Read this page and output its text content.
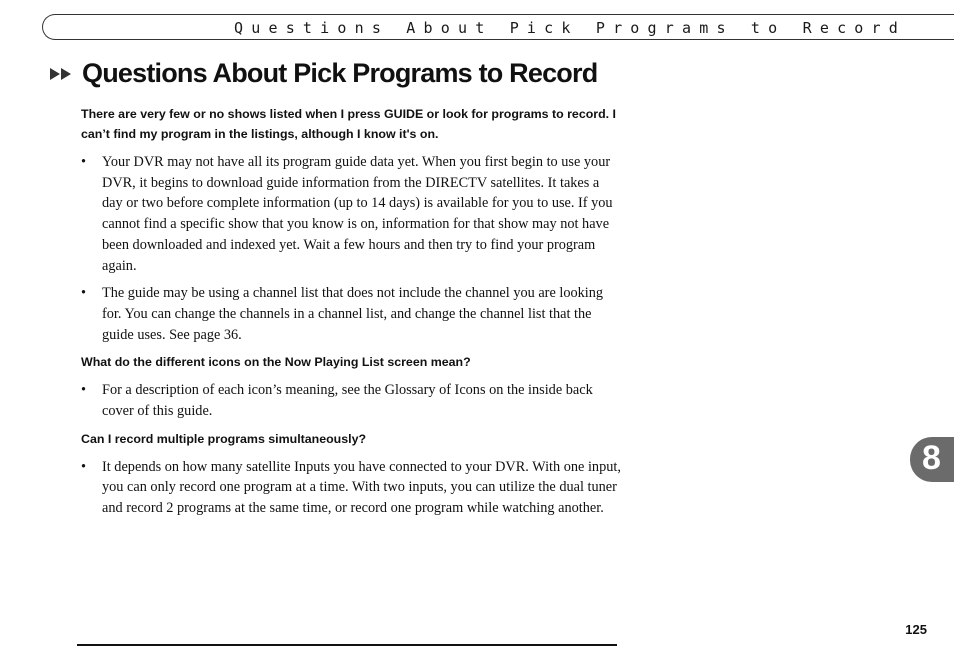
Questions About Pick Programs to Record
Questions About Pick Programs to Record
There are very few or no shows listed when I press GUIDE or look for programs to record. I can’t find my program in the listings, although I know it's on.
• Your DVR may not have all its program guide data yet. When you first begin to use your DVR, it begins to download guide information from the DIRECTV satellites. It takes a day or two before complete information (up to 14 days) is available for you to use. If you cannot find a specific show that you know is on, information for that show may not have been downloaded and indexed yet. Wait a few hours and then try to find your program again.
• The guide may be using a channel list that does not include the channel you are looking for. You can change the channels in a channel list, and change the channel list that the guide uses. See page 36.
What do the different icons on the Now Playing List screen mean?
• For a description of each icon’s meaning, see the Glossary of Icons on the inside back cover of this guide.
Can I record multiple programs simultaneously?
• It depends on how many satellite Inputs you have connected to your DVR. With one input, you can only record one program at a time. With two inputs, you can utilize the dual tuner and record 2 programs at the same time, or record one program while watching another.
8
125
